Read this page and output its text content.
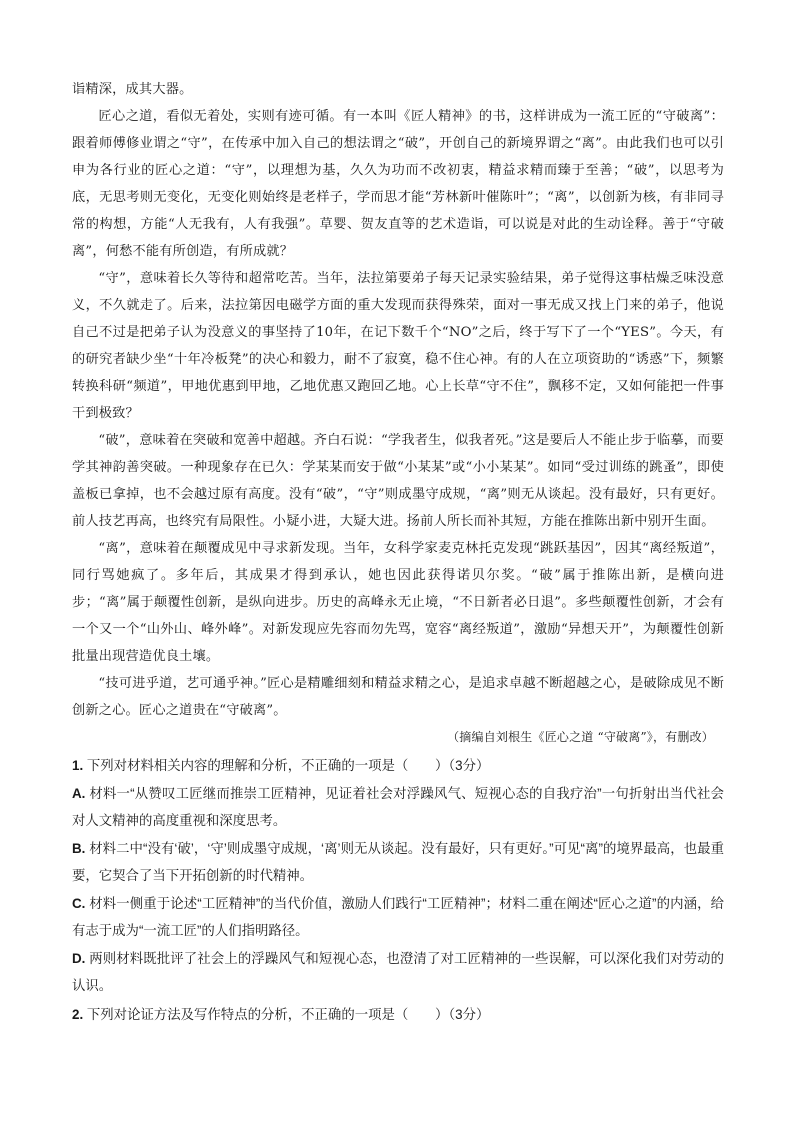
诣精深，成其大器。

匠心之道，看似无着处，实则有迹可循。有一本叫《匠人精神》的书，这样讲成为一流工匠的“守破离”：跟着师傅修业谓之“守”，在传承中加入自己的想法谓之“破”，开创自己的新境界谓之“离”。由此我们也可以引申为各行业的匠心之道：“守”，以理想为基，久久为功而不改初衷，精益求精而臻于至善；“破”，以思考为底，无思考则无变化，无变化则始终是老样子，学而思才能“芳林新叶催陈叶”；“离”，以创新为核，有非同寻常的构想，方能“人无我有，人有我强”。草婴、贺友直等的艺术造诣，可以说是对此的生动诠释。善于“守破离”，何愁不能有所创造，有所成就？

“守”，意味着长久等待和超常吃苦。当年，法拉第要弟子每天记录实验结果，弟子觉得这事枯燥乏味没意义，不久就走了。后来，法拉第因电磁学方面的重大发现而获得殊荣，面对一事无成又找上门来的弟子，他说自己不过是把弟子认为没意义的事坚持了10年，在记下数千个“NO”之后，终于写下了一个“YES”。今天，有的研究者缺少坐“十年冷板凳”的决心和毅力，耐不了寂寞，稳不住心神。有的人在立项资助的“诱惑”下，频繁转换科研“频道”，甲地优惠到甲地，乙地优惠又跑回乙地。心上长草“守不住”，飘移不定，又如何能把一件事干到极致？

“破”，意味着在突破和宽善中超越。齐白石说：“学我者生，似我者死。”这是要后人不能止步于临摹，而要学其神韵善突破。一种现象存在已久：学某某而安于做“小某某”或“小小某某”。如同“受过训练的跳蚤”，即使盖板已拿掉，也不会越过原有高度。没有“破”，“守”则成墨守成规，“离”则无从谈起。没有最好，只有更好。前人技艺再高，也终究有局限性。小疑小进，大疑大进。扬前人所长而补其短，方能在推陈出新中别开生面。

“离”，意味着在颠覆成见中寻求新发现。当年，女科学家麦克林托克发现“跳跃基因”，因其“离经叛道”，同行骂她疯了。多年后，其成果才得到承认，她也因此获得诺贝尔奖。“破”属于推陈出新，是横向进步；“离”属于颠覆性创新，是纵向进步。历史的高峰永无止境，“不日新者必日退”。多些颠覆性创新，才会有一个又一个“山外山、峰外峰”。对新发现应先容而勿先骂，宽容“离经叛道”，激励“异想天开”，为颠覆性创新批量出现营造优良土壤。

“技可进乎道，艺可通乎神。”匠心是精雕细刻和精益求精之心，是追求卓越不断超越之心，是破除成见不断创新之心。匠心之道贵在“守破离”。

（摘编自刘根生《匠心之道 “守破离”》，有删改）

1. 下列对材料相关内容的理解和分析，不正确的一项是（　　）（3分）

A. 材料一“从赞叹工匠继而推崇工匠精神，见证着社会对浮躁风气、短视心态的自我疗治”一句折射出当代社会对人文精神的高度重视和深度思考。

B. 材料二中“没有‘破’，‘守’则成墨守成规，‘离’则无从谈起。没有最好，只有更好。”可见“离”的境界最高，也最重要，它契合了当下开拓创新的时代精神。

C. 材料一侧重于论述“工匠精神”的当代价值，激励人们践行“工匠精神”；材料二重在阐述“匠心之道”的内涵，给有志于成为“一流工匠”的人们指明路径。

D. 两则材料既批评了社会上的浮躁风气和短视心态，也澄清了对工匠精神的一些误解，可以深化我们对劳动的认识。

2. 下列对论证方法及写作特点的分析，不正确的一项是（　　）（3分）
